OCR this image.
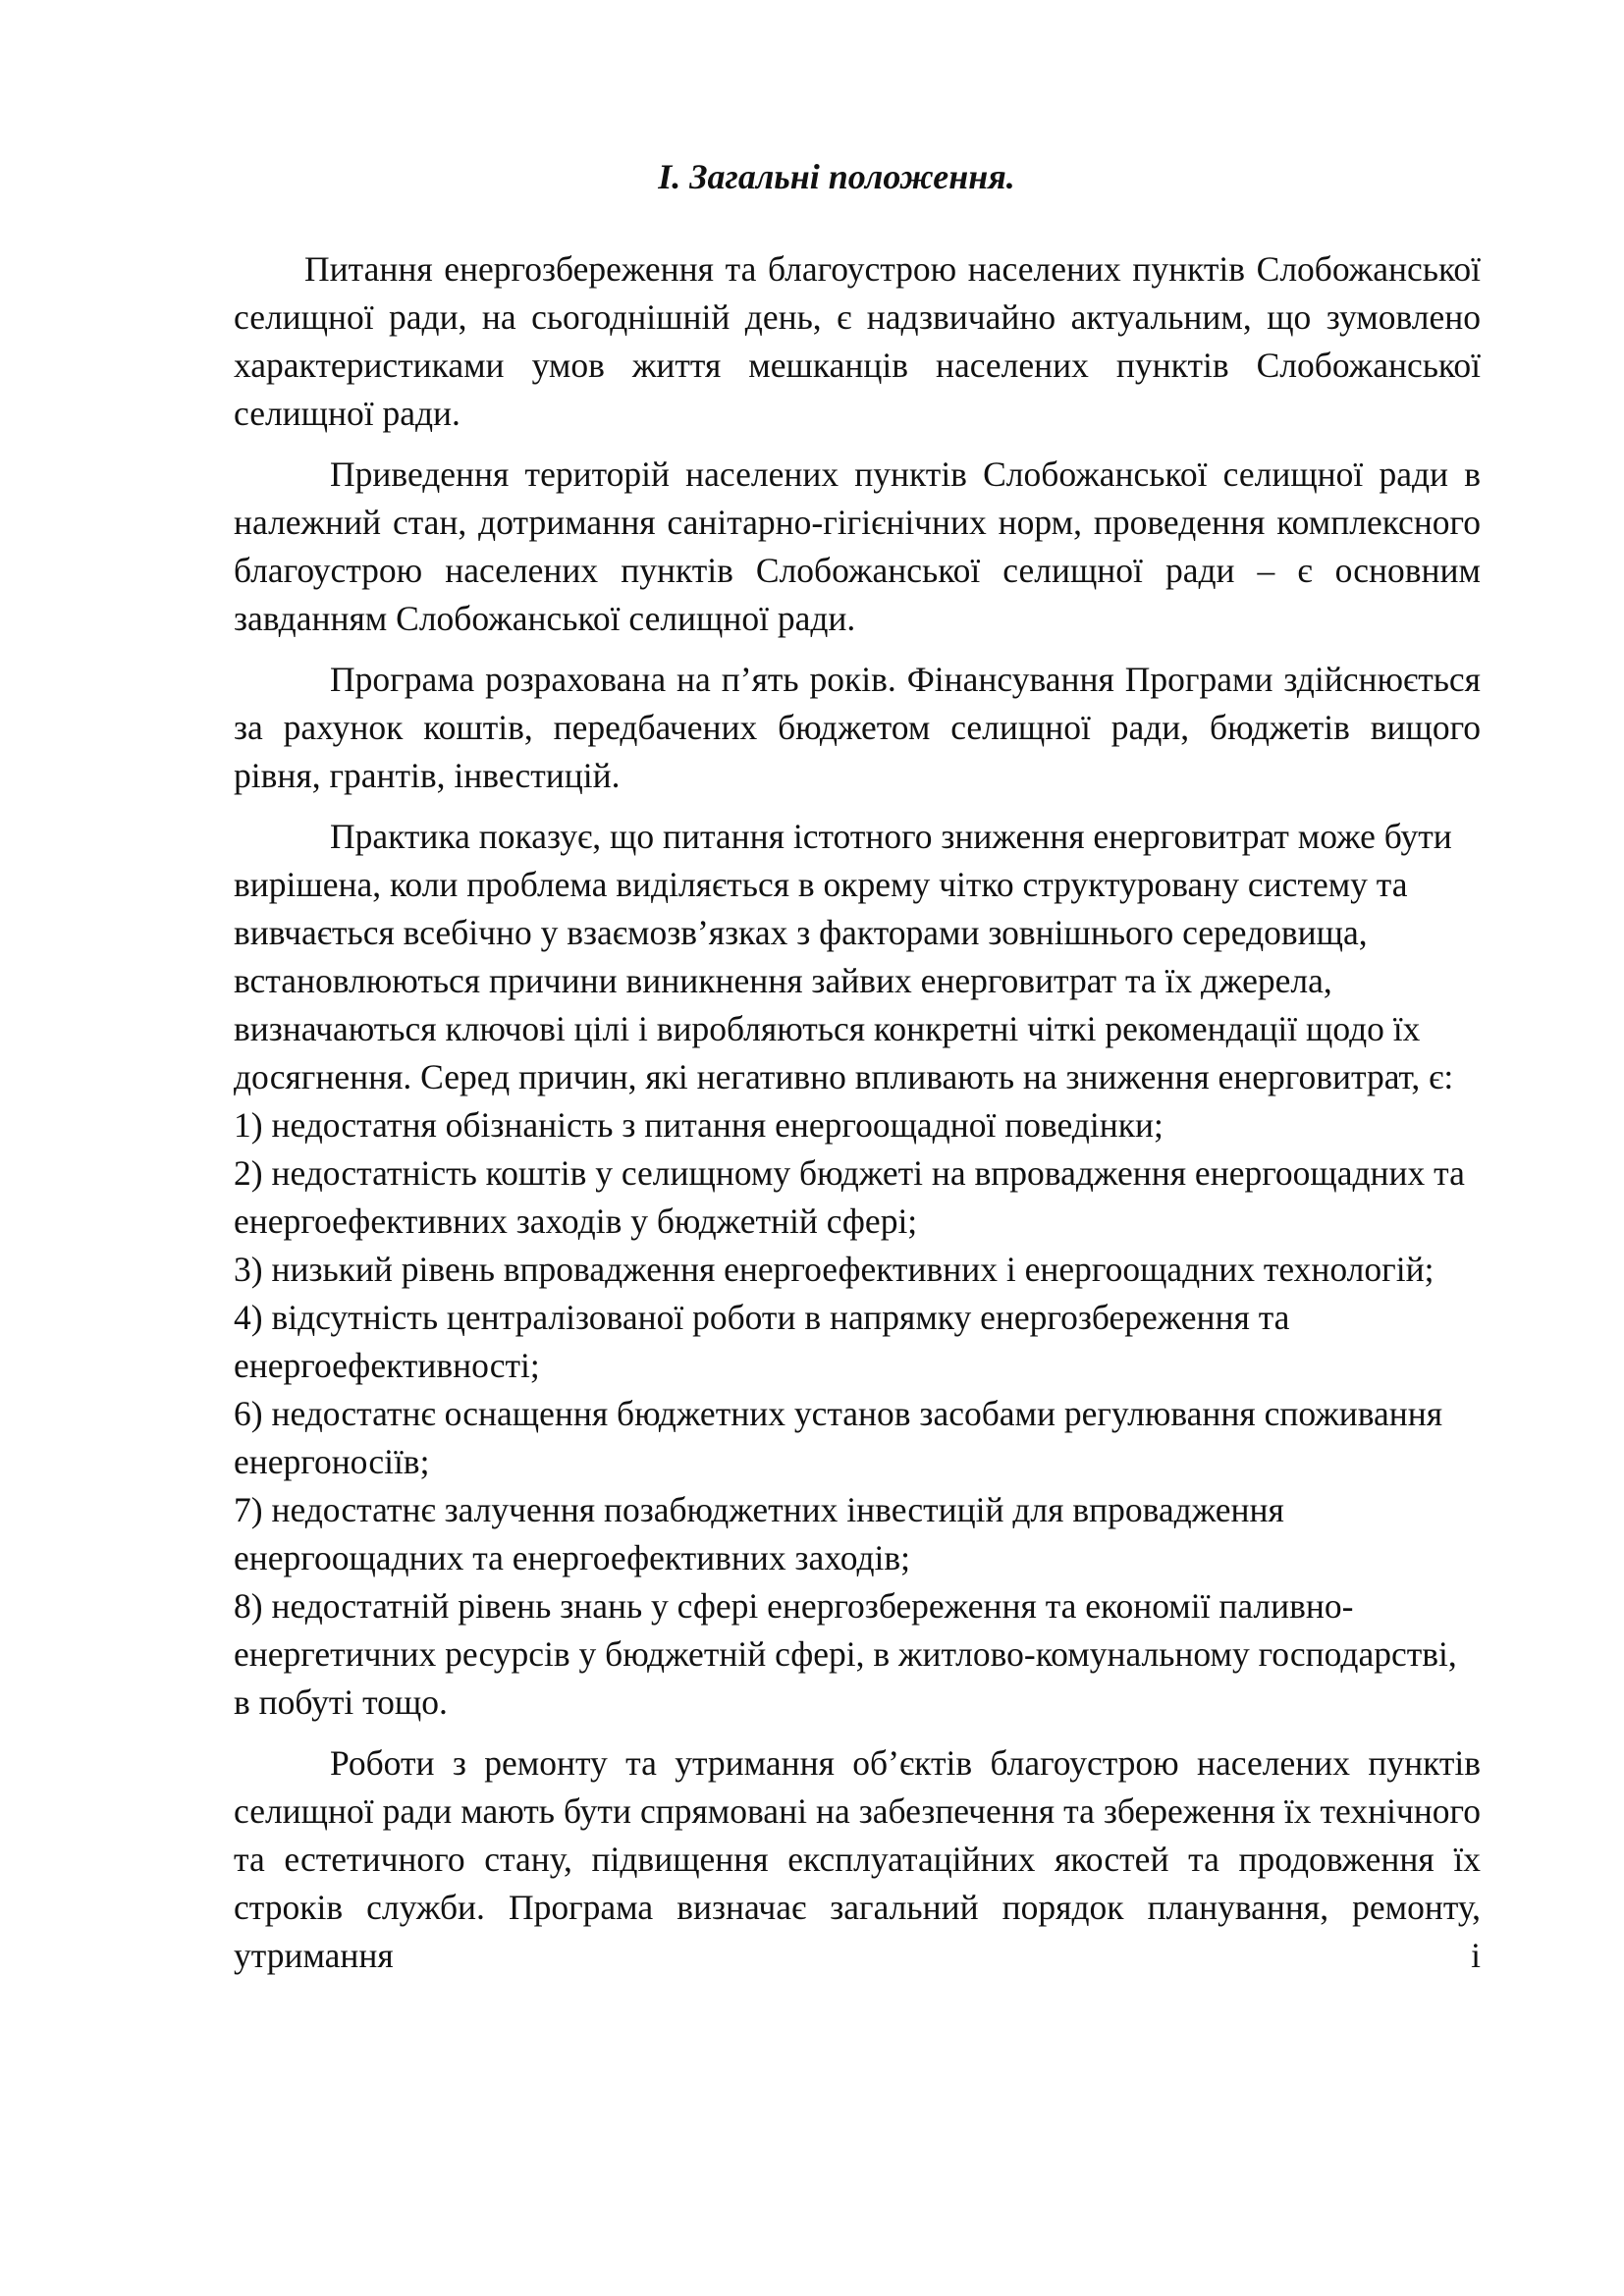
I. Загальні положення.

Питання енергозбереження та благоустрою населених пунктів Слобожанської селищної ради, на сьогоднішній день, є надзвичайно актуальним, що зумовлено характеристиками умов життя мешканців населених пунктів Слобожанської селищної ради.

Приведення територій населених пунктів Слобожанської селищної ради в належний стан, дотримання санітарно-гігієнічних норм, проведення комплексного благоустрою населених пунктів Слобожанської селищної ради – є основним завданням Слобожанської селищної ради.

Програма розрахована на п’ять років. Фінансування Програми здійснюється за рахунок коштів, передбачених бюджетом селищної ради, бюджетів вищого рівня, грантів, інвестицій.

Практика показує, що питання істотного зниження енерговитрат може бути вирішена, коли проблема виділяється в окрему чітко структуровану систему та вивчається всебічно у взаємозв’язках з факторами зовнішнього середовища, встановлюються причини виникнення зайвих енерговитрат та їх джерела, визначаються ключові цілі і виробляються конкретні чіткі рекомендації щодо їх досягнення. Серед причин, які негативно впливають на зниження енерговитрат, є:

1) недостатня обізнаність з питання енергоощадної поведінки;
2) недостатність коштів у селищному бюджеті на впровадження енергоощадних та енергоефективних заходів у бюджетній сфері;
3) низький рівень впровадження енергоефективних і енергоощадних технологій;
4) відсутність централізованої роботи в напрямку енергозбереження та енергоефективності;
6) недостатнє оснащення бюджетних установ засобами регулювання споживання енергоносіїв;
7) недостатнє залучення позабюджетних інвестицій для впровадження енергоощадних та енергоефективних заходів;
8) недостатній рівень знань у сфері енергозбереження та економії паливно-енергетичних ресурсів у бюджетній сфері, в житлово-комунальному господарстві, в побуті тощо.

Роботи з ремонту та утримання об’єктів благоустрою населених пунктів селищної ради мають бути спрямовані на забезпечення та збереження їх технічного та естетичного стану, підвищення експлуатаційних якостей та продовження їх строків служби. Програма визначає загальний порядок планування, ремонту, утримання і
